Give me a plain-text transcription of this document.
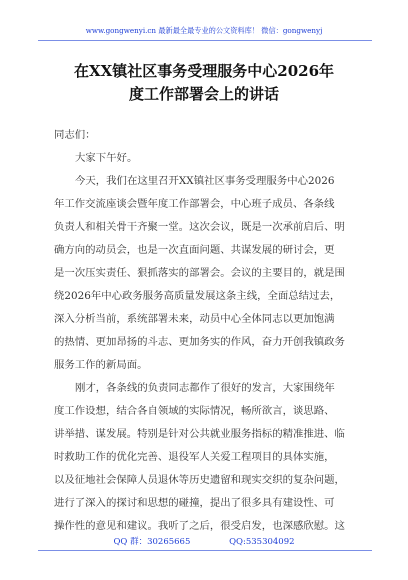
www.gongwenyi.cn 最新最全最专业的公文资料库！ 微信：gongwenyj
在XX镇社区事务受理服务中心2026年
度工作部署会上的讲话
同志们：
大家下午好。
今天，我们在这里召开XX镇社区事务受理服务中心2026
年工作交流座谈会暨年度工作部署会，中心班子成员、各条线
负责人和相关骨干齐聚一堂。这次会议，既是一次承前启后、明
确方向的动员会，也是一次直面问题、共谋发展的研讨会，更
是一次压实责任、狠抓落实的部署会。会议的主要目的，就是围
绕2026年中心政务服务高质量发展这条主线，全面总结过去，
深入分析当前，系统部署未来，动员中心全体同志以更加饱满
的热情、更加昂扬的斗志、更加务实的作风，奋力开创我镇政务
服务工作的新局面。
刚才，各条线的负责同志都作了很好的发言，大家围绕年
度工作设想，结合各自领域的实际情况，畅所欲言，谈思路、
讲举措、谋发展。特别是针对公共就业服务指标的精准推进、临
时救助工作的优化完善、退役军人关爱工程项目的具体实施，
以及征地社会保障人员退休等历史遗留和现实交织的复杂问题，
进行了深入的探讨和思想的碰撞，提出了很多具有建设性、可
操作性的意见和建议。我听了之后，很受启发，也深感欣慰。这
QQ 群：30265665	QQ:535304092
